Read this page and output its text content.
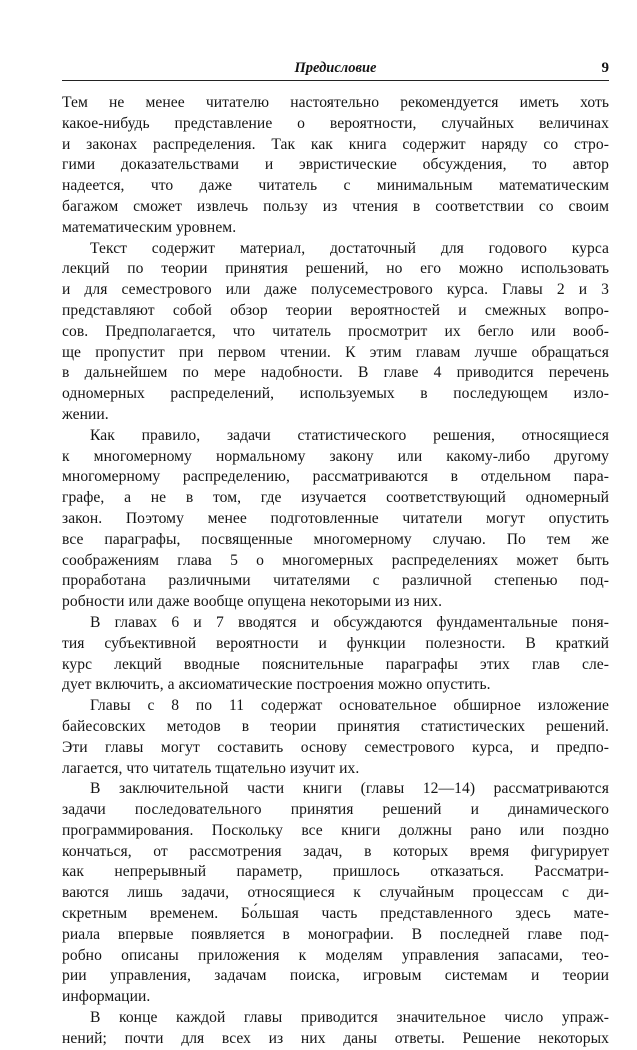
Предисловие	9
Тем не менее читателю настоятельно рекомендуется иметь хоть
какое-нибудь представление о вероятности, случайных величинах
и законах распределения. Так как книга содержит наряду со стро-
гими доказательствами и эвристические обсуждения, то автор
надеется, что даже читатель с минимальным математическим
багажом сможет извлечь пользу из чтения в соответствии со своим
математическим уровнем.
Текст содержит материал, достаточный для годового курса
лекций по теории принятия решений, но его можно использовать
и для семестрового или даже полусеместрового курса. Главы 2 и 3
представляют собой обзор теории вероятностей и смежных вопро-
сов. Предполагается, что читатель просмотрит их бегло или вооб-
ще пропустит при первом чтении. К этим главам лучше обращаться
в дальнейшем по мере надобности. В главе 4 приводится перечень
одномерных распределений, используемых в последующем изло-
жении.
Как правило, задачи статистического решения, относящиеся
к многомерному нормальному закону или какому-либо другому
многомерному распределению, рассматриваются в отдельном пара-
графе, а не в том, где изучается соответствующий одномерный
закон. Поэтому менее подготовленные читатели могут опустить
все параграфы, посвященные многомерному случаю. По тем же
соображениям глава 5 о многомерных распределениях может быть
проработана различными читателями с различной степенью под-
робности или даже вообще опущена некоторыми из них.
В главах 6 и 7 вводятся и обсуждаются фундаментальные поня-
тия субъективной вероятности и функции полезности. В краткий
курс лекций вводные пояснительные параграфы этих глав сле-
дует включить, а аксиоматические построения можно опустить.
Главы с 8 по 11 содержат основательное обширное изложение
байесовских методов в теории принятия статистических решений.
Эти главы могут составить основу семестрового курса, и предпо-
лагается, что читатель тщательно изучит их.
В заключительной части книги (главы 12—14) рассматриваются
задачи последовательного принятия решений и динамического
программирования. Поскольку все книги должны рано или поздно
кончаться, от рассмотрения задач, в которых время фигурирует
как непрерывный параметр, пришлось отказаться. Рассматри-
ваются лишь задачи, относящиеся к случайным процессам с ди-
скретным временем. Бо́льшая часть представленного здесь мате-
риала впервые появляется в монографии. В последней главе под-
робно описаны приложения к моделям управления запасами, тео-
рии управления, задачам поиска, игровым системам и теории
информации.
В конце каждой главы приводится значительное число упраж-
нений; почти для всех из них даны ответы. Решение некоторых
